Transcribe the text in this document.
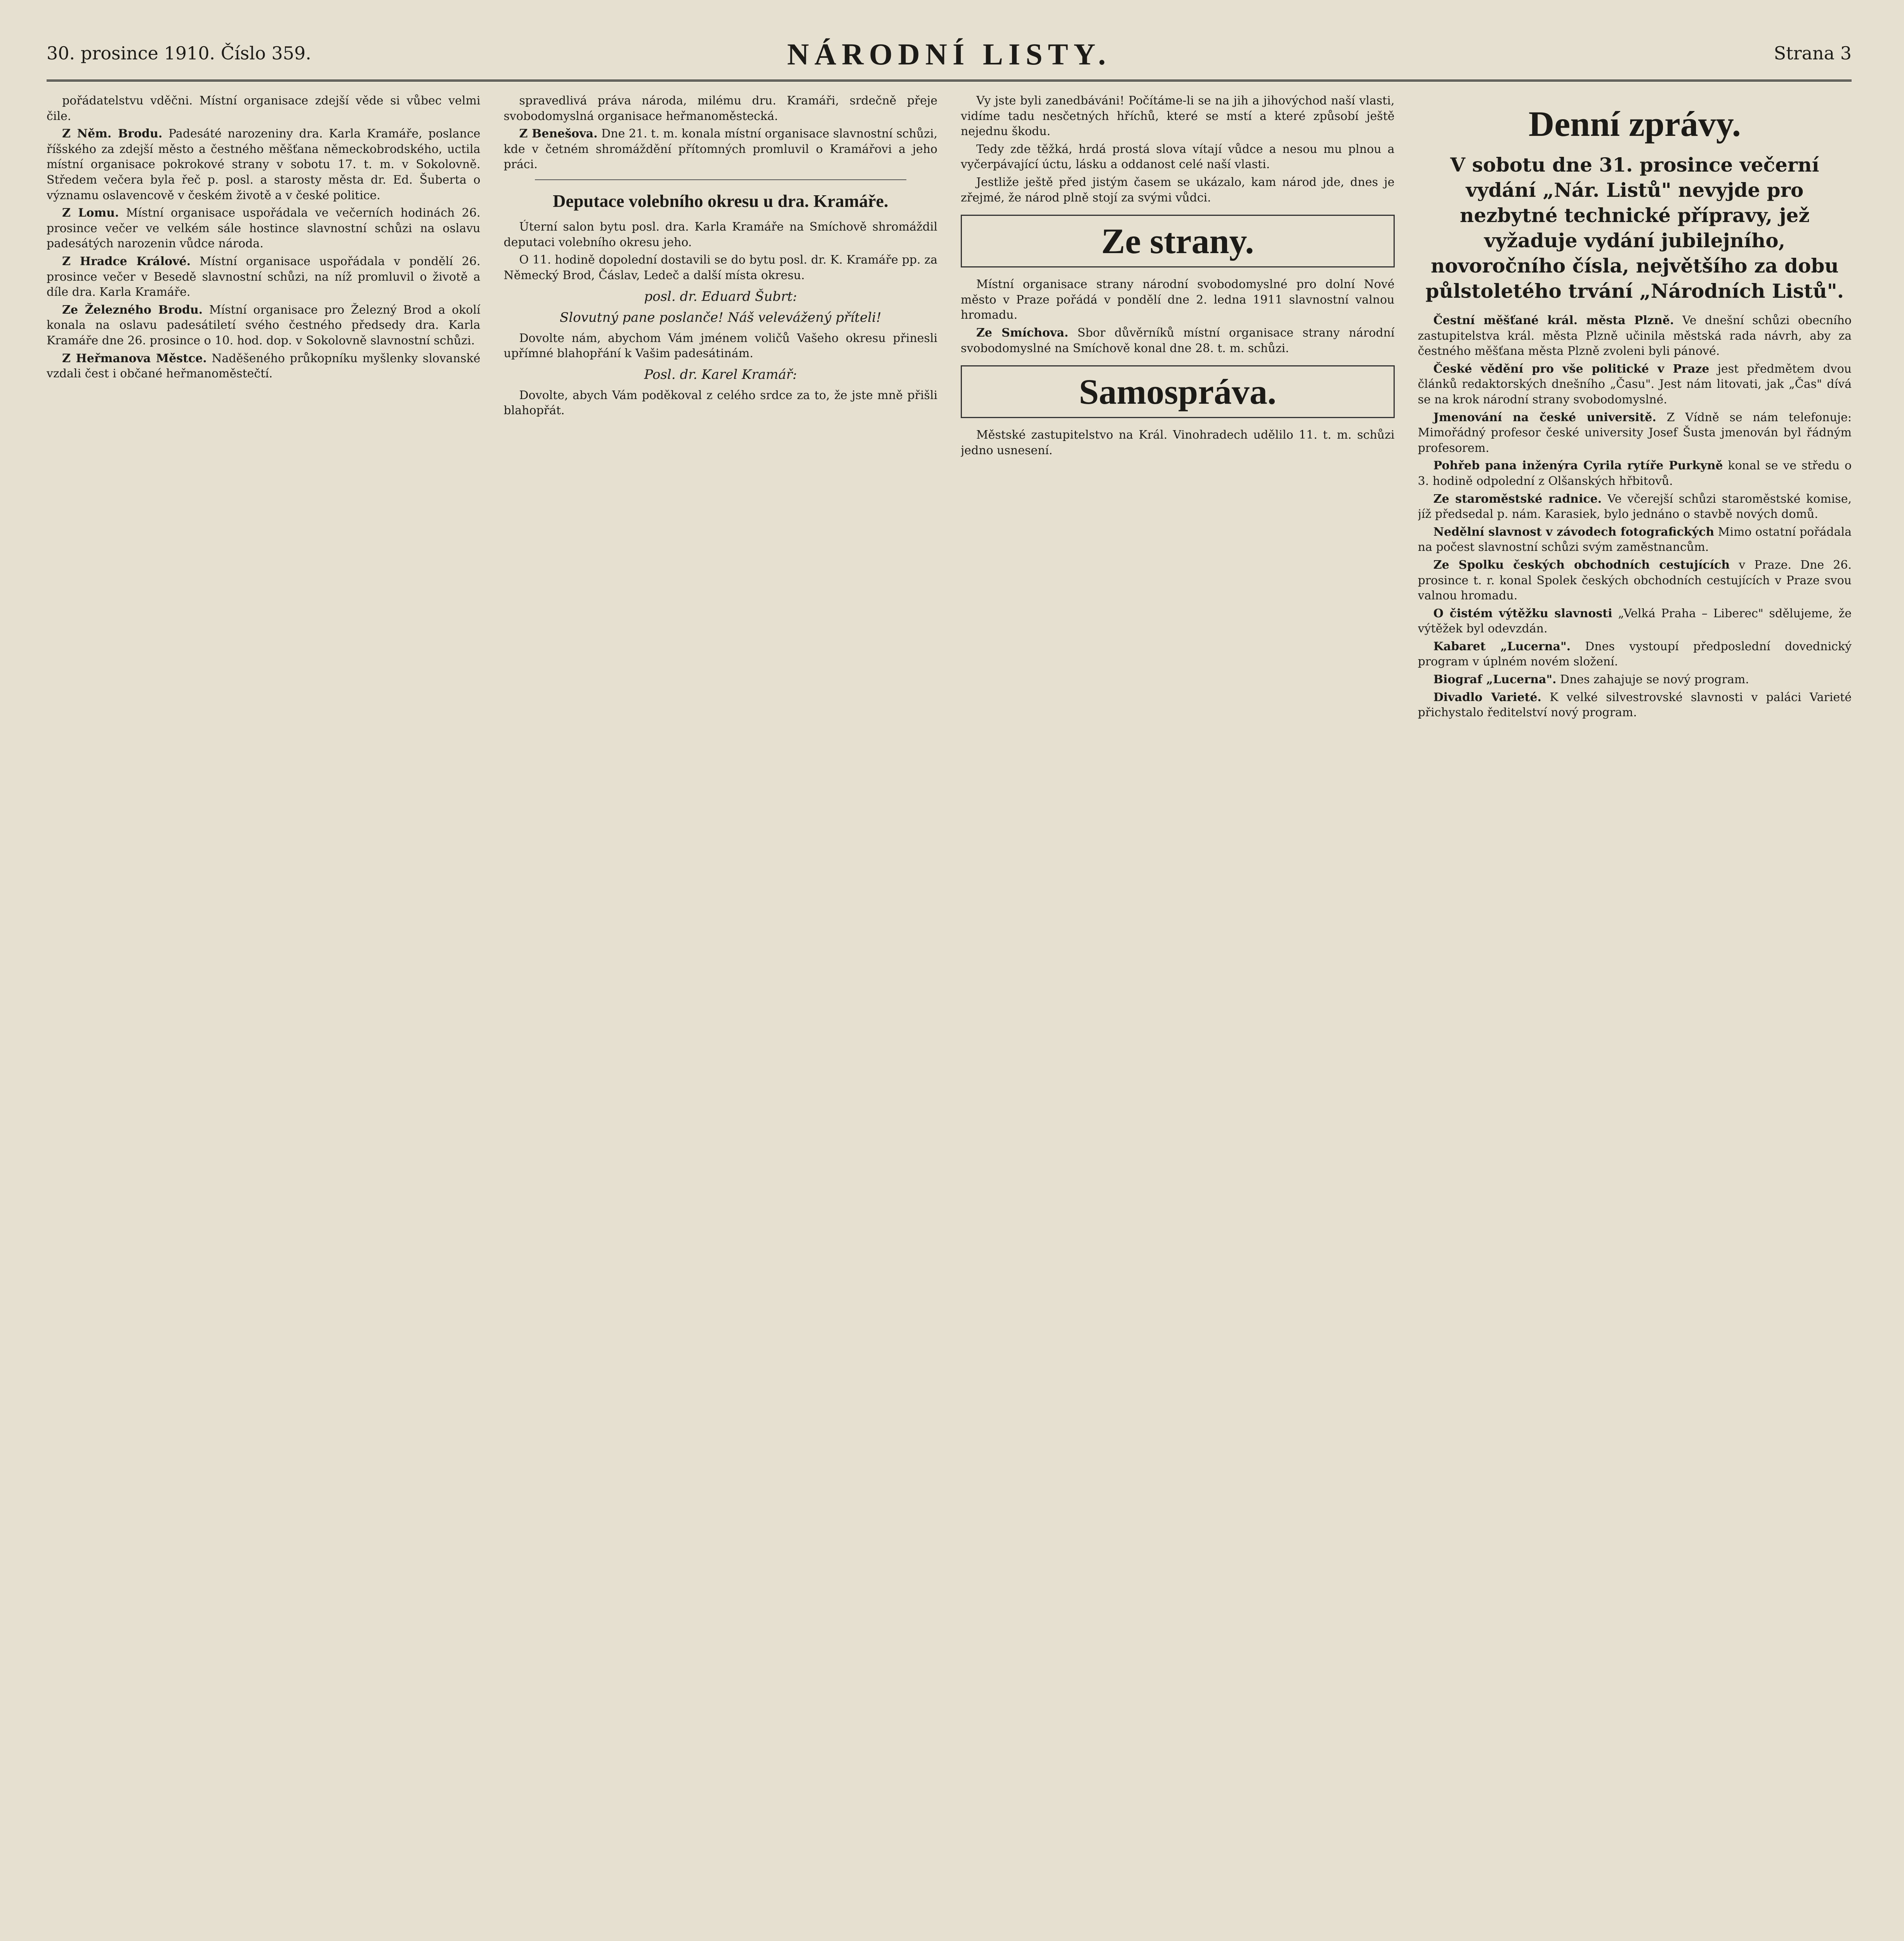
30. prosince 1910. Číslo 359.	NÁRODNÍ LISTY.	Strana 3

pořádatelstvu vděčni. Místní organisace zdejší věde si vůbec velmi čile.

Z Něm. Brodu. Padesáté narozeniny dra. Karla Kramáře, poslance říšského za zdejší město a čestného měšťana německobrodského, uctila místní organisace pokrokové strany v sobotu 17. t. m. v Sokolovně. Středem večera byla řeč p. posl. a starosty města dr. Ed. Šuberta o významu oslavencově v českém životě a v české politice.

Z Lomu. Místní organisace uspořádala ve večerních hodinách 26. prosince večer ve velkém sále hostince slavnostní schůzi na oslavu padesátých narozenin vůdce národa.

Z Hradce Králové. Místní organisace uspořádala v pondělí 26. prosince večer v Besedě slavnostní schůzi, na níž promluvil o životě a díle dra. Karla Kramáře.

Ze Železného Brodu. Místní organisace pro Železný Brod a okolí konala na oslavu padesátiletí svého čestného předsedy dra. Karla Kramáře dne 26. prosince o 10. hod. dop. v Sokolovně slavnostní schůzi.

Z Heřmanova Městce. Naděšeného průkopníku myšlenky slovanské vzdali čest i občané heřmanoměstečtí.

spravedlivá práva národa, milému dru. Kramáři, srdečně přeje svobodomyslná organisace heřmanoměstecká.

Z Benešova. Dne 21. t. m. konala místní organisace slavnostní schůzi, kde v četném shromáždění přítomných promluvil o Kramářovi a jeho práci.

Deputace volebního okresu u dra. Kramáře.

Úterní salon bytu posl. dra. Karla Kramáře na Smíchově shromáždil deputaci volebního okresu jeho.

O 11. hodině dopolední dostavili se do bytu posl. dr. K. Kramáře pp. za Německý Brod, Čáslav, Ledeč a další místa okresu.

posl. dr. Eduard Šubrt:
Slovutný pane poslanče! Náš velevážený příteli!

Dovolte nám, abychom Vám jménem voličů Vašeho okresu přinesli upřímné blahopřání k Vašim padesátinám.

Posl. dr. Karel Kramář:

Dovolte, abych Vám poděkoval z celého srdce za to, že jste mně přišli blahopřát.

Vy jste byli zanedbáváni! Počítáme-li se na jih a jihovýchod naší vlasti, vidíme tadu nesčetných hříchů, které se mstí a které způsobí ještě nejednu škodu.

Tedy zde těžká, hrdá prostá slova vítají vůdce a nesou mu plnou a vyčerpávající úctu, lásku a oddanost celé naší vlasti.

Jestliže ještě před jistým časem se ukázalo, kam národ jde, dnes je zřejmé, že národ plně stojí za svými vůdci.

Ze strany.

Místní organisace strany národní svobodomyslné pro dolní Nové město v Praze pořádá v pondělí dne 2. ledna 1911 slavnostní valnou hromadu.

Ze Smíchova. Sbor důvěrníků místní organisace strany národní svobodomyslné na Smíchově konal dne 28. t. m. schůzi.

Samospráva.

Městské zastupitelstvo na Král. Vinohradech udělilo 11. t. m. schůzi jedno usnesení.

Denní zprávy.

V sobotu dne 31. prosince večerní vydání „Nár. Listů" nevyjde pro nezbytné technické přípravy, jež vyžaduje vydání jubilejního, novoročního čísla, největšího za dobu půlstoletého trvání „Národních Listů".

Čestní měšťané král. města Plzně. Ve dnešní schůzi obecního zastupitelstva král. města Plzně učinila městská rada návrh, aby za čestného měšťana města Plzně zvoleni byli pánové.

České vědění pro vše politické v Praze jest předmětem dvou článků redaktorských dnešního „Času". Jest nám litovati, jak „Čas" dívá se na krok národní strany svobodomyslné.

Jmenování na české universitě. Z Vídně se nám telefonuje: Mimořádný profesor české university Josef Šusta jmenován byl řádným profesorem.

Pohřeb pana inženýra Cyrila rytíře Purkyně konal se ve středu o 3. hodině odpolední z Olšanských hřbitovů.

Ze staroměstské radnice. Ve včerejší schůzi staroměstské komise, jíž předsedal p. nám. Karasiek, bylo jednáno o stavbě nových domů.

Nedělní slavnost v závodech fotografických Mimo ostatní pořádala na počest slavnostní schůzi svým zaměstnancům.

Ze Spolku českých obchodních cestujících v Praze. Dne 26. prosince t. r. konal Spolek českých obchodních cestujících v Praze svou valnou hromadu.

O čistém výtěžku slavnosti „Velká Praha – Liberec" sdělujeme, že výtěžek byl odevzdán.

Kabaret „Lucerna". Dnes vystoupí předposlední dovednický program v úplném novém složení.

Biograf „Lucerna". Dnes zahajuje se nový program.

Divadlo Varieté. K velké silvestrovské slavnosti v paláci Varieté přichystalo ředitelství nový program.
